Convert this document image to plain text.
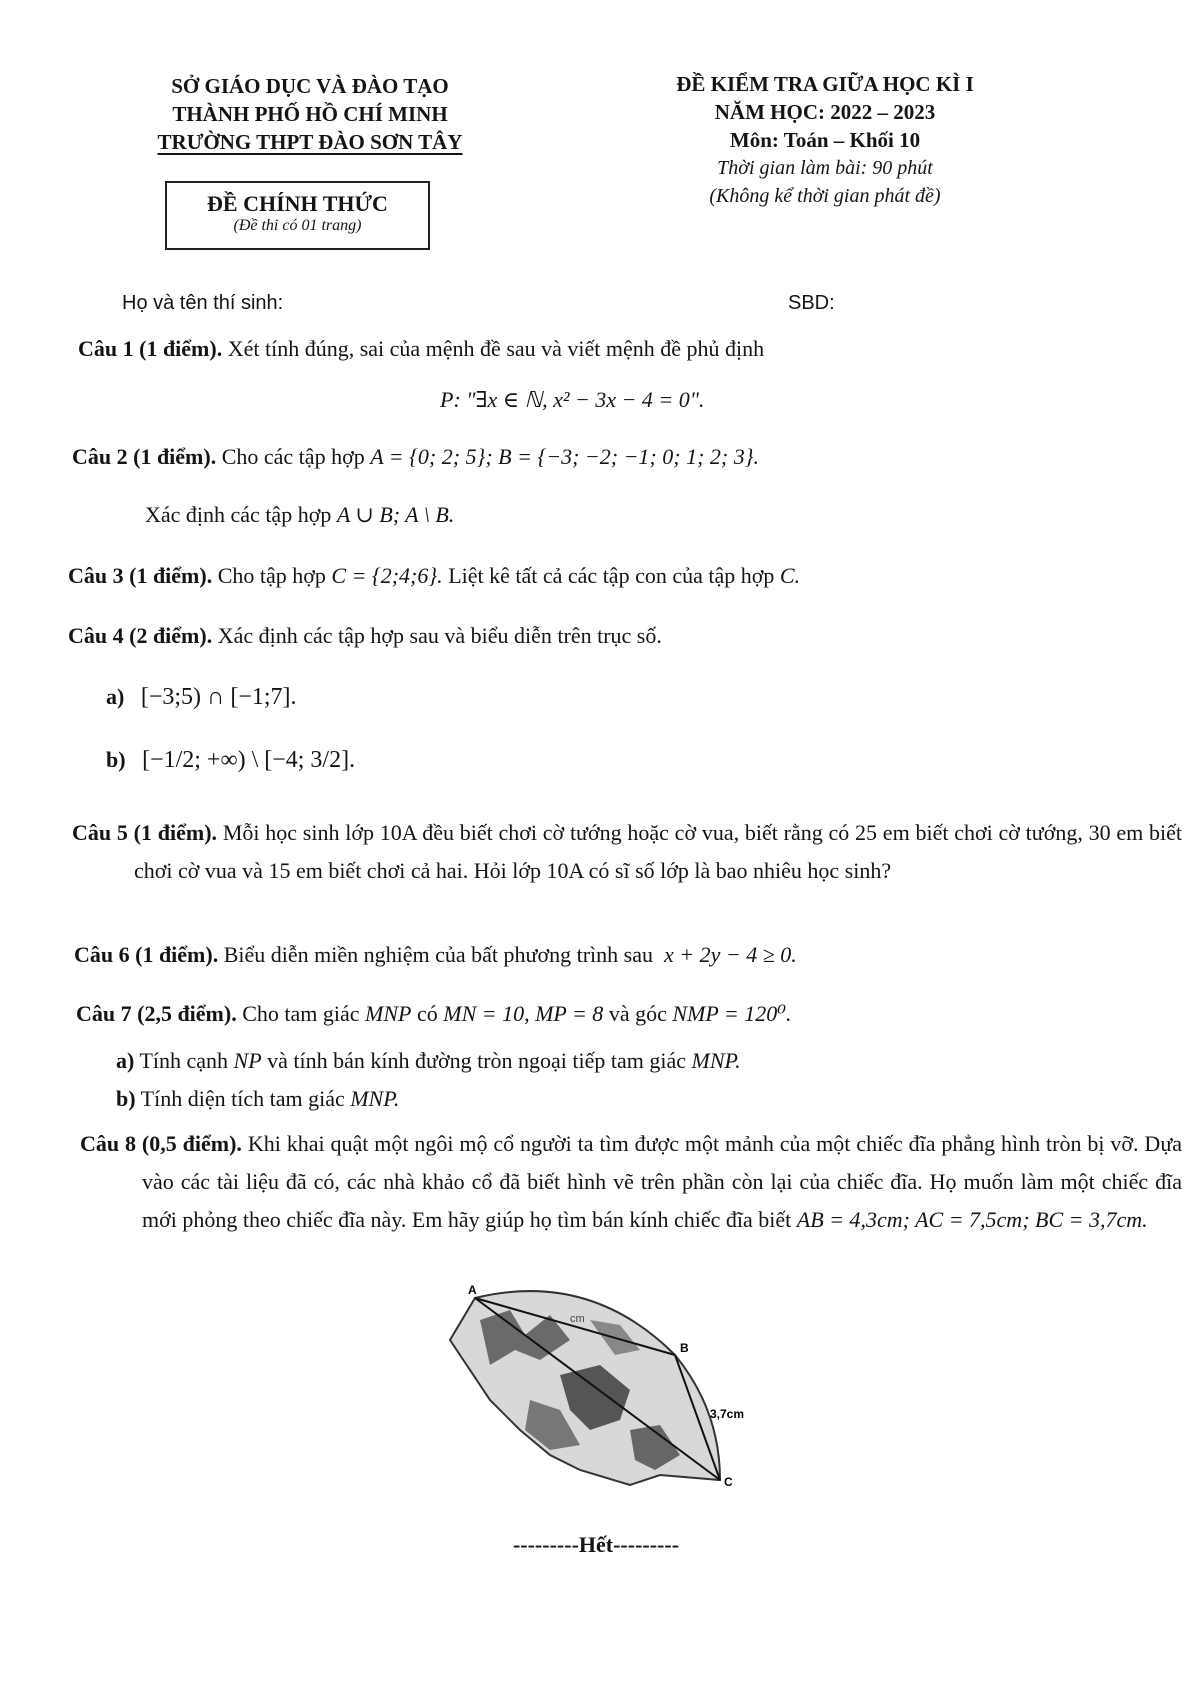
SỞ GIÁO DỤC VÀ ĐÀO TẠO
THÀNH PHỐ HỒ CHÍ MINH
TRƯỜNG THPT ĐÀO SƠN TÂY
ĐỀ CHÍNH THỨC
(Đề thi có 01 trang)
ĐỀ KIỂM TRA GIỮA HỌC KÌ I
NĂM HỌC: 2022 – 2023
Môn: Toán – Khối 10
Thời gian làm bài: 90 phút
(Không kể thời gian phát đề)
Họ và tên thí sinh:	SBD:
Câu 1 (1 điểm). Xét tính đúng, sai của mệnh đề sau và viết mệnh đề phủ định
P: "∃x ∈ ℕ, x² − 3x − 4 = 0".
Câu 2 (1 điểm). Cho các tập hợp A = {0; 2; 5}; B = {−3; −2; −1; 0; 1; 2; 3}.
Xác định các tập hợp A ∪ B; A \ B.
Câu 3 (1 điểm). Cho tập hợp C = {2;4;6}. Liệt kê tất cả các tập con của tập hợp C.
Câu 4 (2 điểm). Xác định các tập hợp sau và biểu diễn trên trục số.
a) [−3;5) ∩ [−1;7].
b) [−1/2; +∞) \ [−4; 3/2].
Câu 5 (1 điểm). Mỗi học sinh lớp 10A đều biết chơi cờ tướng hoặc cờ vua, biết rằng có 25 em biết chơi cờ tướng, 30 em biết chơi cờ vua và 15 em biết chơi cả hai. Hỏi lớp 10A có sĩ số lớp là bao nhiêu học sinh?
Câu 6 (1 điểm). Biểu diễn miền nghiệm của bất phương trình sau x + 2y − 4 ≥ 0.
Câu 7 (2,5 điểm). Cho tam giác MNP có MN = 10, MP = 8 và góc NMP = 120⁰.
a) Tính cạnh NP và tính bán kính đường tròn ngoại tiếp tam giác MNP.
b) Tính diện tích tam giác MNP.
Câu 8 (0,5 điểm). Khi khai quật một ngôi mộ cổ người ta tìm được một mảnh của một chiếc đĩa phẳng hình tròn bị vỡ. Dựa vào các tài liệu đã có, các nhà khảo cổ đã biết hình vẽ trên phần còn lại của chiếc đĩa. Họ muốn làm một chiếc đĩa mới phỏng theo chiếc đĩa này. Em hãy giúp họ tìm bán kính chiếc đĩa biết AB = 4,3cm; AC = 7,5cm; BC = 3,7cm.
A
B
C
3,7cm
cm
---------Hết---------
